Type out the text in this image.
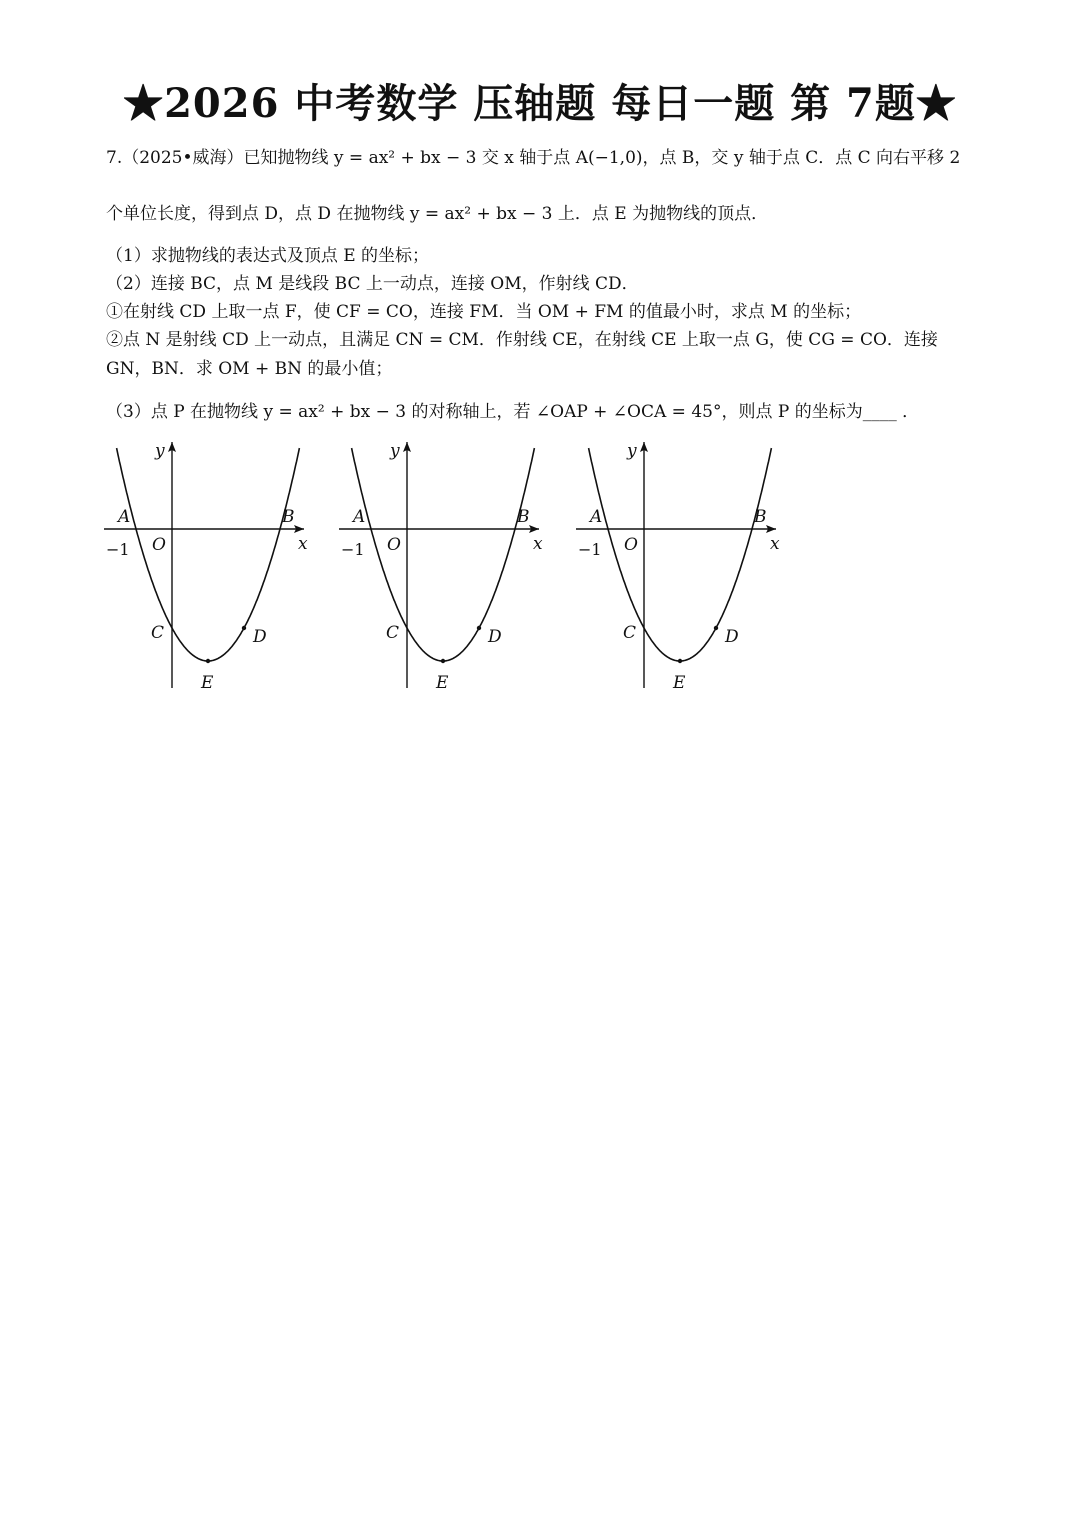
★2026 中考数学 压轴题 每日一题 第 7题★
7.（2025•威海）已知抛物线 y = ax² + bx − 3 交 x 轴于点 A(−1,0)，点 B，交 y 轴于点 C．点 C 向右平移 2
个单位长度，得到点 D，点 D 在抛物线 y = ax² + bx − 3 上．点 E 为抛物线的顶点．
（1）求抛物线的表达式及顶点 E 的坐标；
（2）连接 BC，点 M 是线段 BC 上一动点，连接 OM，作射线 CD．
①在射线 CD 上取一点 F，使 CF = CO，连接 FM．当 OM + FM 的值最小时，求点 M 的坐标；
②点 N 是射线 CD 上一动点，且满足 CN = CM．作射线 CE，在射线 CE 上取一点 G，使 CG = CO．连接
GN，BN．求 OM + BN 的最小值；
（3）点 P 在抛物线 y = ax² + bx − 3 的对称轴上，若 ∠OAP + ∠OCA = 45°，则点 P 的坐标为____ ．
y
x
A	B
O
−1
C	D
E
y
x
A	B
O
−1
C	D
E
y
x
A	B
O
−1
C	D
E
